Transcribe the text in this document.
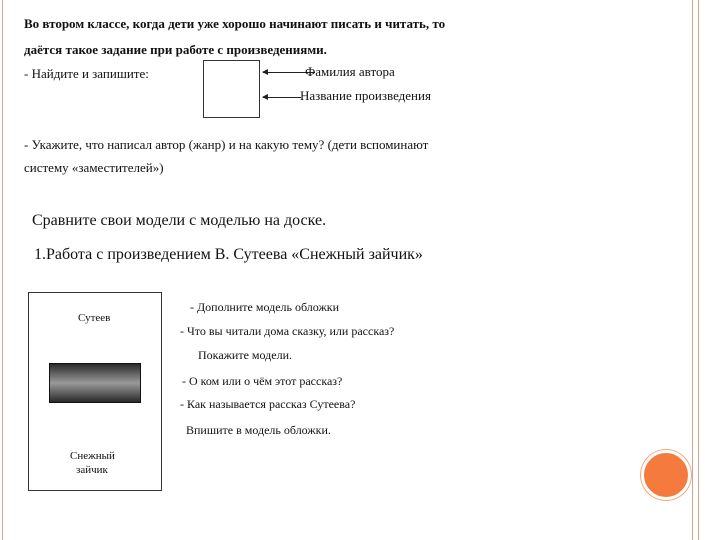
Во втором классе, когда дети уже хорошо начинают писать и читать, то
даётся такое задание при работе с произведениями.
- Найдите и запишите:	Фамилия автора
Название произведения
- Укажите, что написал автор (жанр) и на какую тему? (дети вспоминают
систему «заместителей»)
Сравните свои модели с моделью на доске.
1.Работа с произведением В. Сутеева «Снежный зайчик»
Сутеев
Снежный
зайчик
- Дополните модель обложки
- Что вы читали дома сказку, или рассказ?
Покажите модели.
- О ком или о чём этот рассказ?
- Как называется рассказ Сутеева?
Впишите в модель обложки.
